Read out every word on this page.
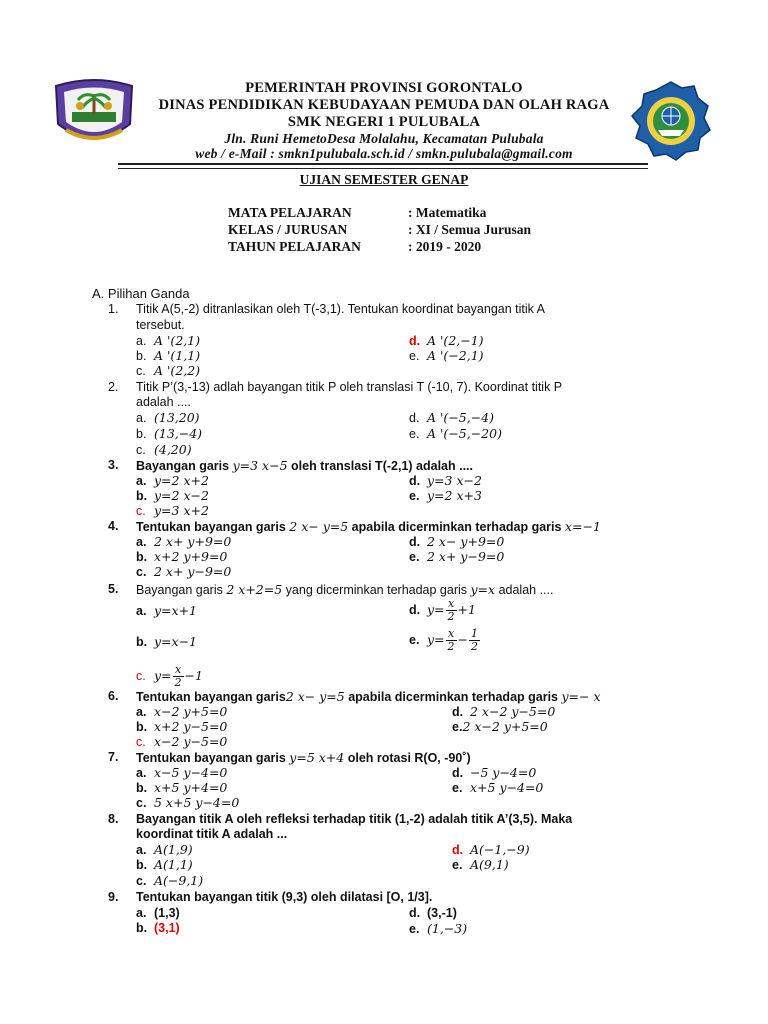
PEMERINTAH PROVINSI GORONTALO
DINAS PENDIDIKAN KEBUDAYAAN PEMUDA DAN OLAH RAGA
SMK NEGERI 1 PULUBALA
Jln. Runi HemetoDesa Molalahu, Kecamatan Pulubala
web / e-Mail : smkn1pulubala.sch.id / smkn.pulubala@gmail.com
UJIAN SEMESTER GENAP
MATA PELAJARAN	: Matematika
KELAS / JURUSAN	: XI / Semua Jurusan
TAHUN PELAJARAN	: 2019 - 2020
A. Pilihan Ganda
1.	Titik A(5,-2) ditranlasikan oleh T(-3,1). Tentukan koordinat bayangan titik A
tersebut.
a. A '(2,1)
b. A '(1,1)
c. A '(2,2)
d. A '(2,−1)
e. A '(−2,1)
2.	Titik P’(3,-13) adlah bayangan titik P oleh translasi T (-10, 7). Koordinat titik P
adalah ....
a. (13,20)
b. (13,−4)
c. (4,20)
d. A '(−5,−4)
e. A '(−5,−20)
3.	Bayangan garis y=3 x−5 oleh translasi T(-2,1) adalah ....
a. y=2 x+2
b. y=2 x−2
c. y=3 x+2
d. y=3 x−2
e. y=2 x+3
4.	Tentukan bayangan garis 2 x− y=5 apabila dicerminkan terhadap garis x=−1
a. 2 x+ y+9=0
b. x+2 y+9=0
c. 2 x+ y−9=0
d. 2 x− y+9=0
e. 2 x+ y−9=0
5.	Bayangan garis 2 x+2=5 yang dicerminkan terhadap garis y=x adalah ....
a. y=x+1
b. y=x−1
c. $y= \frac{x}{2} -1$
d. $y= \frac{x}{2} +1$
e. $y= \frac{x}{2} - \frac{1}{2}$
6.	Tentukan bayangan garis2 x− y=5 apabila dicerminkan terhadap garis y=− x
a. x−2 y+5=0
b. x+2 y−5=0
c. x−2 y−5=0
d. 2 x−2 y−5=0
e.2 x−2 y+5=0
7.	Tentukan bayangan garis y=5 x+4 oleh rotasi R(O, -90˚)
a. x−5 y−4=0
b. x+5 y+4=0
c. 5 x+5 y−4=0
d. −5 y−4=0
e. x+5 y−4=0
8.	Bayangan titik A oleh refleksi terhadap titik (1,-2) adalah titik A’(3,5). Maka
koordinat titik A adalah ...
a. A(1,9)
b. A(1,1)
c. A(−9,1)
d. A(−1,−9)
e. A(9,1)
9.	Tentukan bayangan titik (9,3) oleh dilatasi [O, 1/3].
a. (1,3)
b. (3,1)
d. (3,-1)
e. (1,−3)
